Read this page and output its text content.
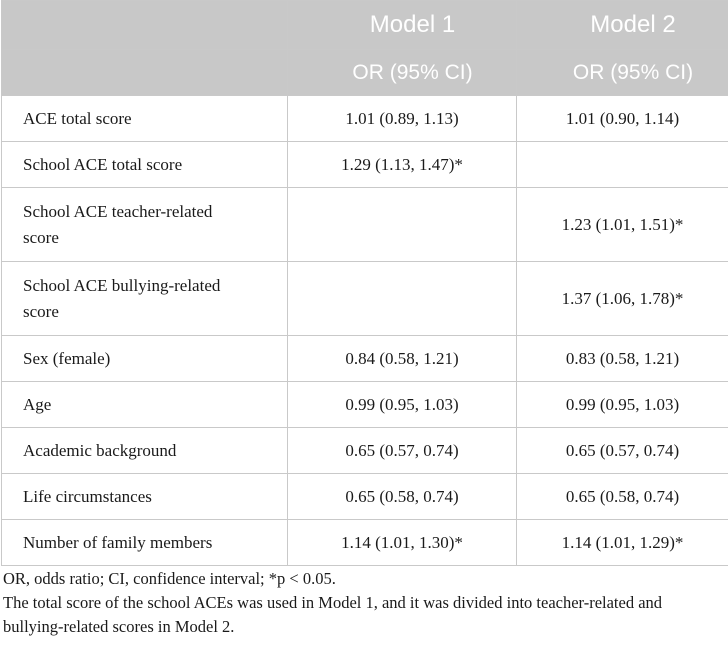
	Model 1	Model 2
	OR (95% CI)	OR (95% CI)
ACE total score	1.01 (0.89, 1.13)	1.01 (0.90, 1.14)
School ACE total score	1.29 (1.13, 1.47)*	
School ACE teacher-related score		1.23 (1.01, 1.51)*
School ACE bullying-related score		1.37 (1.06, 1.78)*
Sex (female)	0.84 (0.58, 1.21)	0.83 (0.58, 1.21)
Age	0.99 (0.95, 1.03)	0.99 (0.95, 1.03)
Academic background	0.65 (0.57, 0.74)	0.65 (0.57, 0.74)
Life circumstances	0.65 (0.58, 0.74)	0.65 (0.58, 0.74)
Number of family members	1.14 (1.01, 1.30)*	1.14 (1.01, 1.29)*

OR, odds ratio; CI, confidence interval; *p < 0.05.

The total score of the school ACEs was used in Model 1, and it was divided into teacher-related and bullying-related scores in Model 2.
